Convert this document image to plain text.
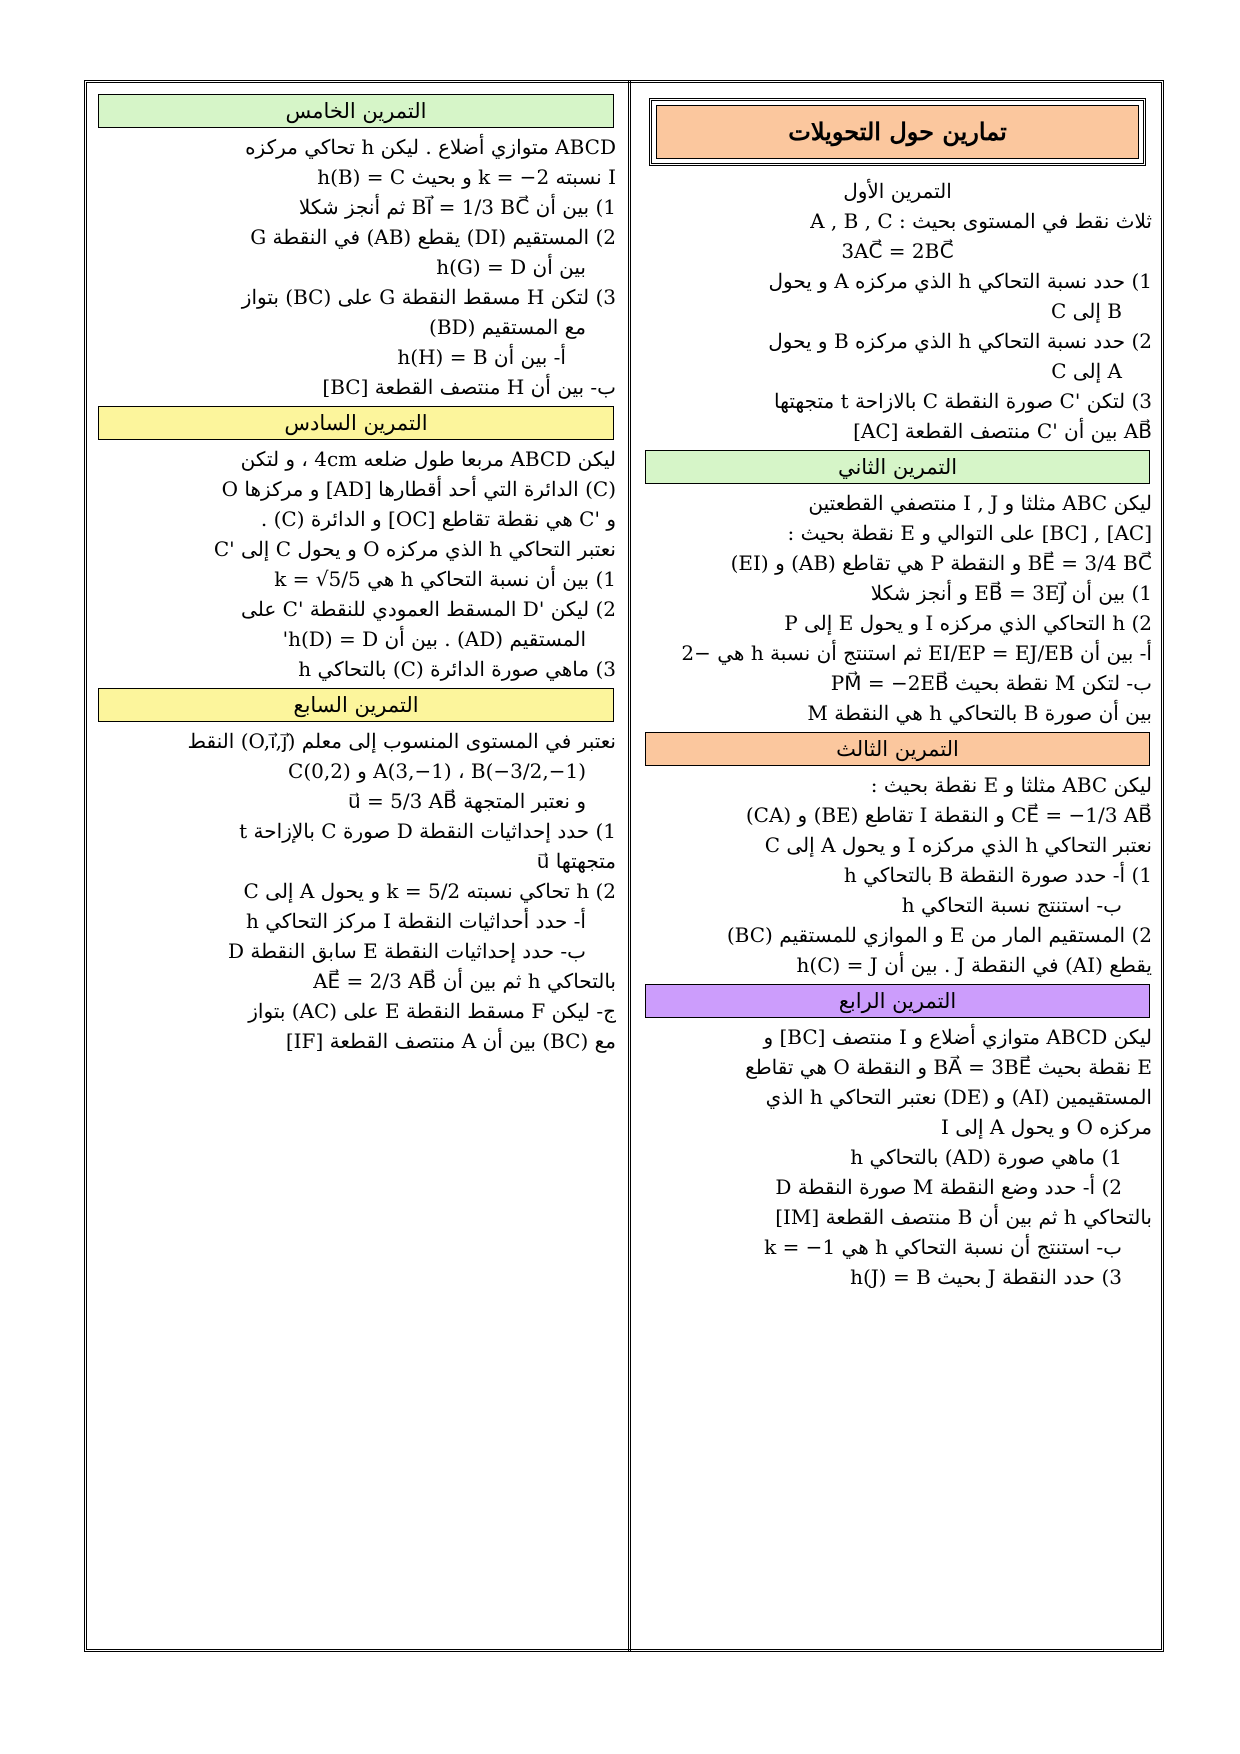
تمارين حول التحويلات
التمرين الأول
ثلاث نقط في المستوى بحيث : A , B , C
3AC⃗ = 2BC⃗
1) حدد نسبة التحاكي h الذي مركزه A و يحول
B إلى C
2) حدد نسبة التحاكي h الذي مركزه B و يحول
A إلى C
3) لتكن 'C صورة النقطة C بالازاحة t متجهتها
AB⃗ بين أن 'C منتصف القطعة [AC]
التمرين الثاني
ليكن ABC مثلثا و I , J منتصفي القطعتين
[AC] , [BC] على التوالي و E نقطة بحيث :
BE⃗ = 3/4 BC⃗ و النقطة P هي تقاطع (AB) و (EI)
1) بين أن EB⃗ = 3EJ⃗ و أنجز شكلا
2) h التحاكي الذي مركزه I و يحول E إلى P
أ- بين أن EI/EP = EJ/EB ثم استنتج أن نسبة h هي −2
ب- لتكن M نقطة بحيث PM⃗ = −2EB⃗
بين أن صورة B بالتحاكي h هي النقطة M
التمرين الثالث
ليكن ABC مثلثا و E نقطة بحيث :
CE⃗ = −1/3 AB⃗ و النقطة I تقاطع (BE) و (CA)
نعتبر التحاكي h الذي مركزه I و يحول A إلى C
1) أ- حدد صورة النقطة B بالتحاكي h
ب- استنتج نسبة التحاكي h
2) المستقيم المار من E و الموازي للمستقيم (BC)
يقطع (AI) في النقطة J . بين أن h(C) = J
التمرين الرابع
ليكن ABCD متوازي أضلاع و I منتصف [BC] و
E نقطة بحيث BA⃗ = 3BE⃗ و النقطة O هي تقاطع
المستقيمين (AI) و (DE) نعتبر التحاكي h الذي
مركزه O و يحول A إلى I
1) ماهي صورة (AD) بالتحاكي h
2) أ- حدد وضع النقطة M صورة النقطة D
بالتحاكي h ثم بين أن B منتصف القطعة [IM]
ب- استنتج أن نسبة التحاكي h هي k = −1
3) حدد النقطة J بحيث h(J) = B
التمرين الخامس
ABCD متوازي أضلاع . ليكن h تحاكي مركزه
I نسبته k = −2 و بحيث h(B) = C
1) بين أن BI⃗ = 1/3 BC⃗ ثم أنجز شكلا
2) المستقيم (DI) يقطع (AB) في النقطة G
بين أن h(G) = D
3) لتكن H مسقط النقطة G على (BC) بتواز
مع المستقيم (BD)
أ- بين أن h(H) = B
ب- بين أن H منتصف القطعة [BC]
التمرين السادس
ليكن ABCD مربعا طول ضلعه 4cm ، و لتكن
(C) الدائرة التي أحد أقطارها [AD] و مركزها O
و 'C هي نقطة تقاطع [OC] و الدائرة (C) .
نعتبر التحاكي h الذي مركزه O و يحول C إلى 'C
1) بين أن نسبة التحاكي h هي k = √5/5
2) ليكن 'D المسقط العمودي للنقطة 'C على
المستقيم (AD) . بين أن h(D) = D'
3) ماهي صورة الدائرة (C) بالتحاكي h
التمرين السابع
نعتبر في المستوى المنسوب إلى معلم (O,i⃗,j⃗) النقط
A(3,−1) ، B(−3/2,−1) و C(0,2)
و نعتبر المتجهة u⃗ = 5/3 AB⃗
1) حدد إحداثيات النقطة D صورة C بالإزاحة t
متجهتها u⃗
2) h تحاكي نسبته k = 5/2 و يحول A إلى C
أ- حدد أحداثيات النقطة I مركز التحاكي h
ب- حدد إحداثيات النقطة E سابق النقطة D
بالتحاكي h ثم بين أن AE⃗ = 2/3 AB⃗
ج- ليكن F مسقط النقطة E على (AC) بتواز
مع (BC) بين أن A منتصف القطعة [IF]
